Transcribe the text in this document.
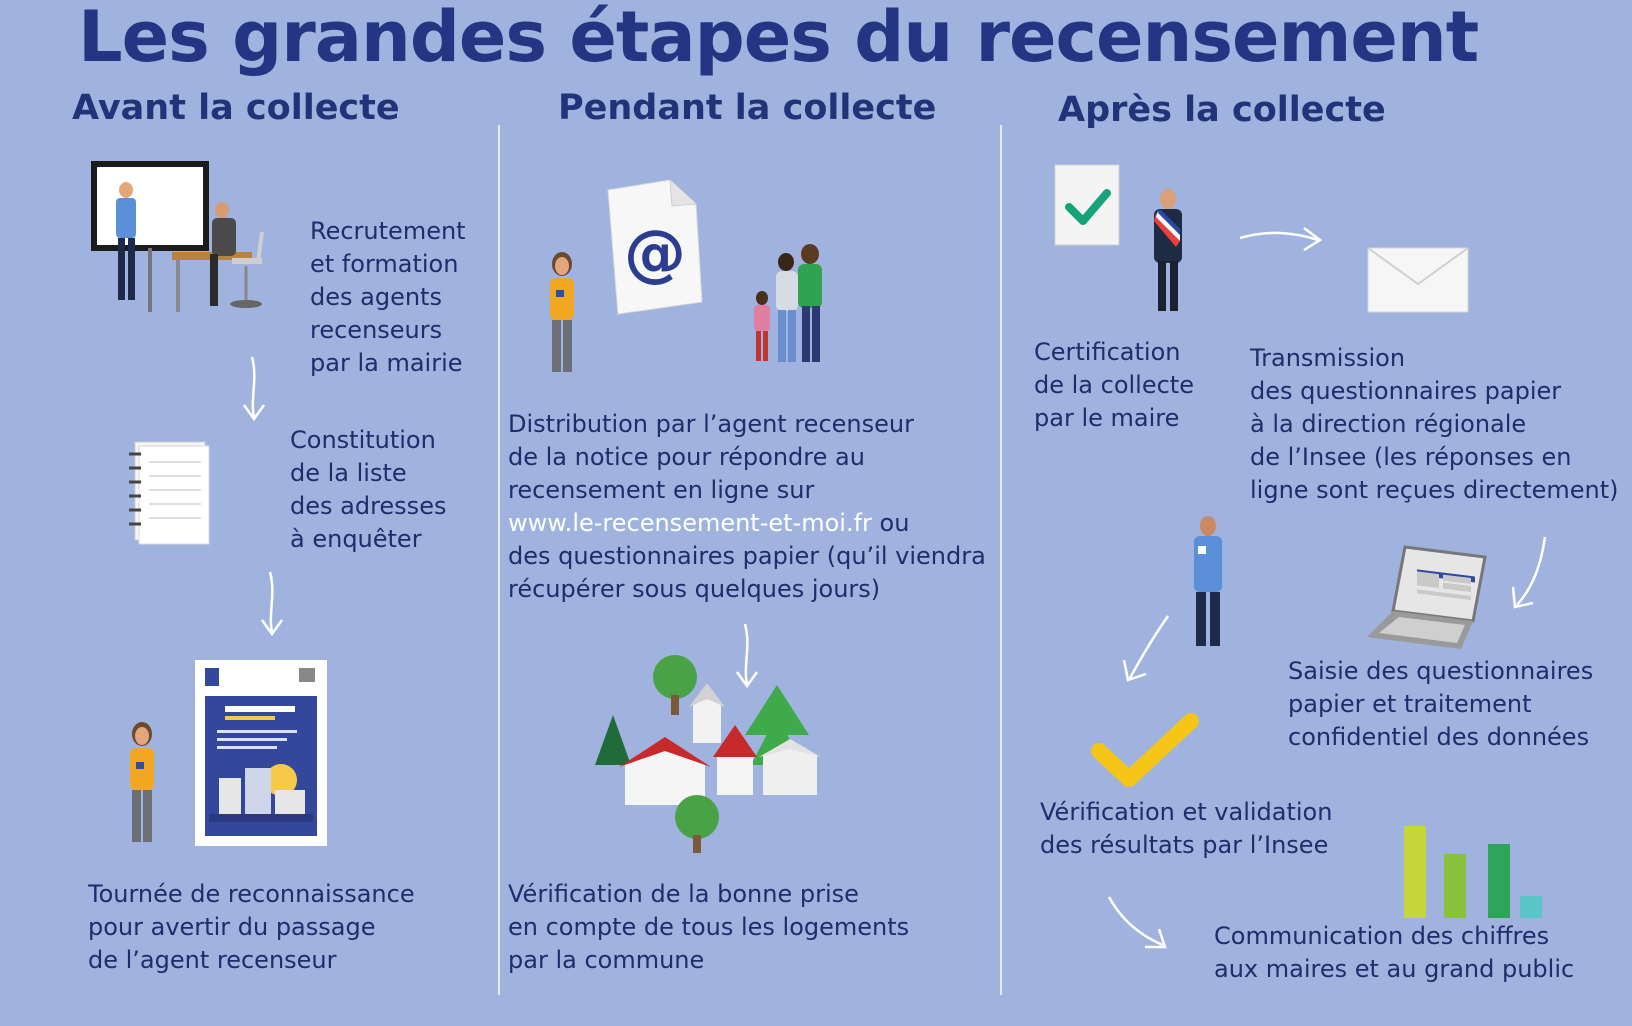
Les grandes étapes du recensement
Avant la collecte	Pendant la collecte	Après la collecte
Recrutement
et formation
des agents
recenseurs
par la mairie
Constitution
de la liste
des adresses
à enquêter
Tournée de reconnaissance
pour avertir du passage
de l’agent recenseur
@
Distribution par l’agent recenseur
de la notice pour répondre au
recensement en ligne sur
www.le-recensement-et-moi.fr ou
des questionnaires papier (qu’il viendra
récupérer sous quelques jours)
Vérification de la bonne prise
en compte de tous les logements
par la commune
Certification
de la collecte
par le maire
Transmission
des questionnaires papier
à la direction régionale
de l’Insee (les réponses en
ligne sont reçues directement)
Saisie des questionnaires
papier et traitement
confidentiel des données
Vérification et validation
des résultats par l’Insee
Communication des chiffres
aux maires et au grand public
